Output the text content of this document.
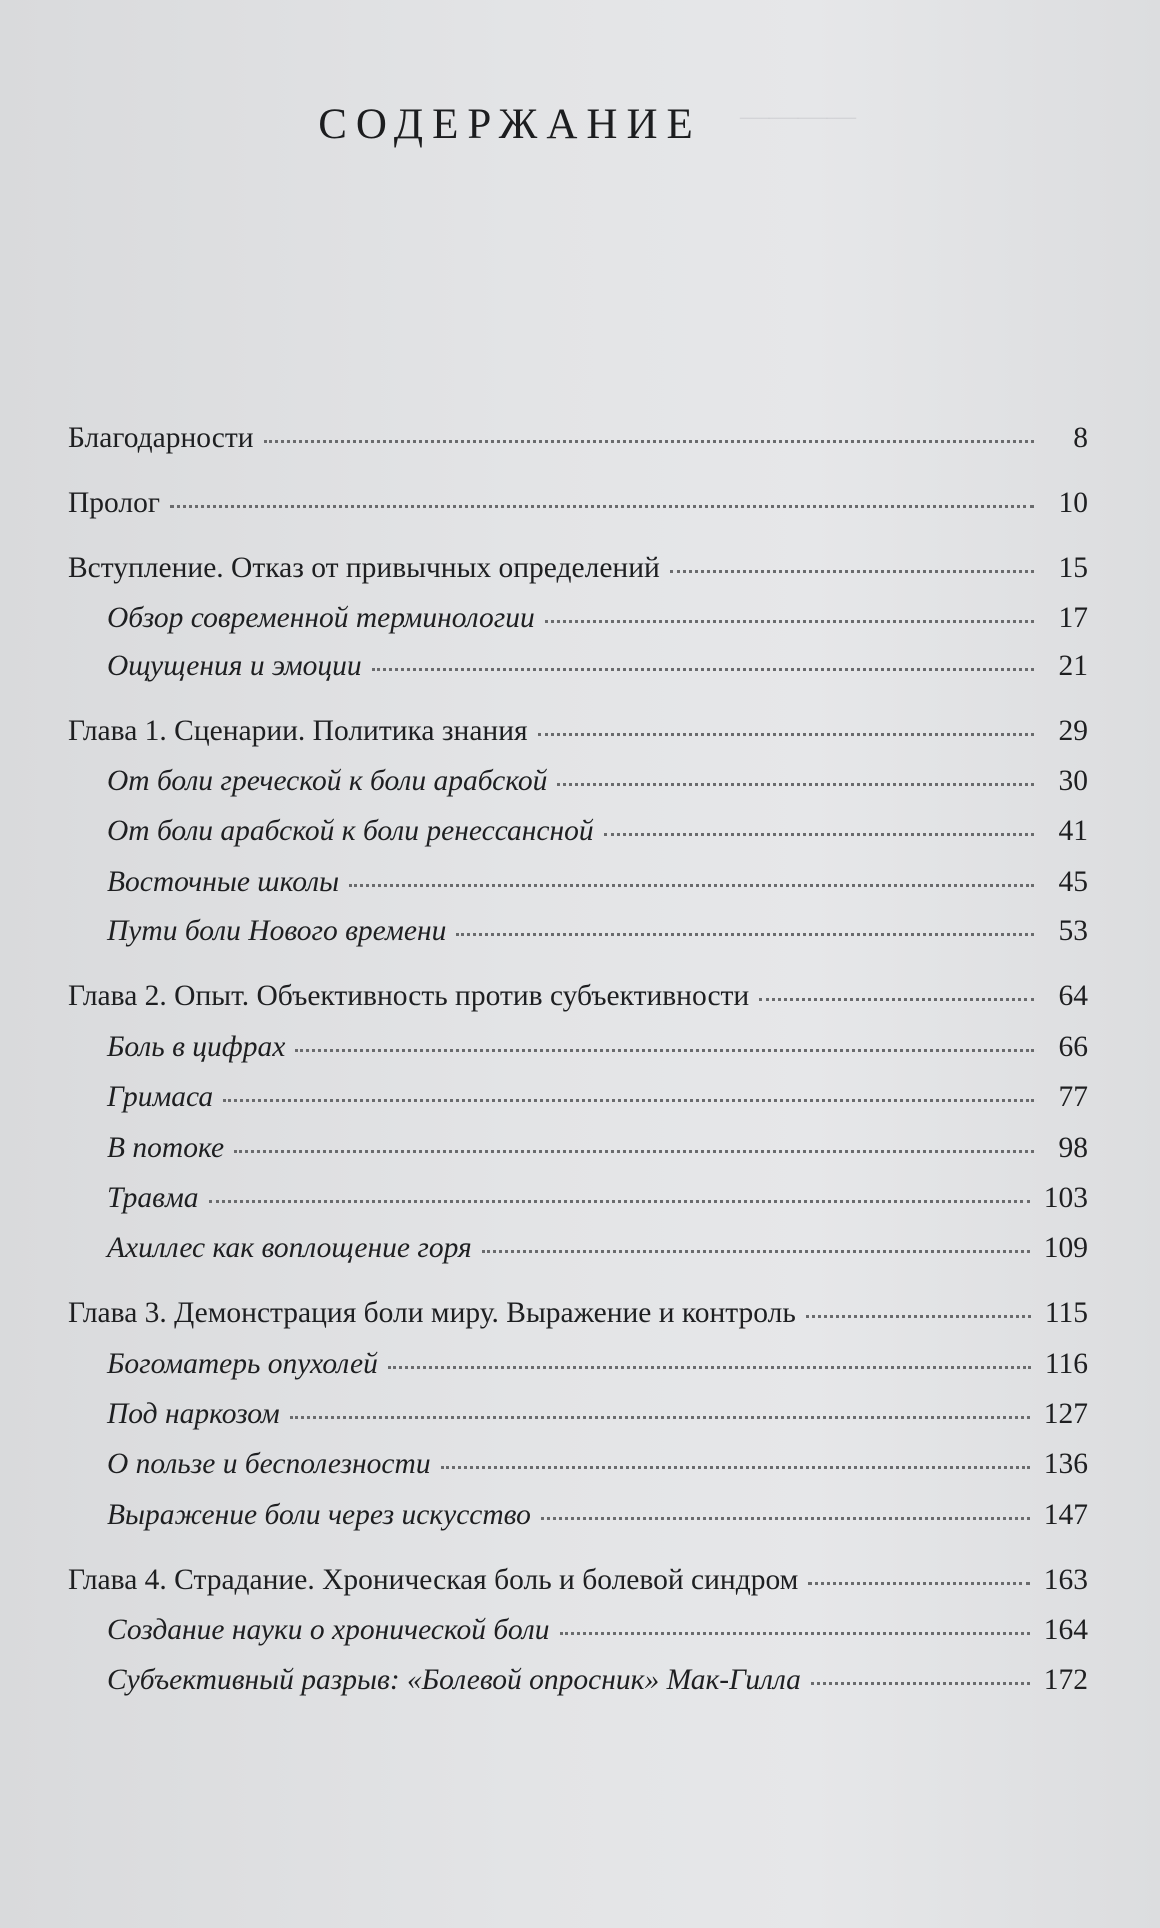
————
СОДЕРЖАНИЕ
Благодарности	8
Пролог	10
Вступление. Отказ от привычных определений	15
Обзор современной терминологии	17
Ощущения и эмоции	21
Глава 1. Сценарии. Политика знания	29
От боли греческой к боли арабской	30
От боли арабской к боли ренессансной	41
Восточные школы	45
Пути боли Нового времени	53
Глава 2. Опыт. Объективность против субъективности	64
Боль в цифрах	66
Гримаса	77
В потоке	98
Травма	103
Ахиллес как воплощение горя	109
Глава 3. Демонстрация боли миру. Выражение и контроль	115
Богоматерь опухолей	116
Под наркозом	127
О пользе и бесполезности	136
Выражение боли через искусство	147
Глава 4. Страдание. Хроническая боль и болевой синдром	163
Создание науки о хронической боли	164
Субъективный разрыв: «Болевой опросник» Мак-Гилла	172
